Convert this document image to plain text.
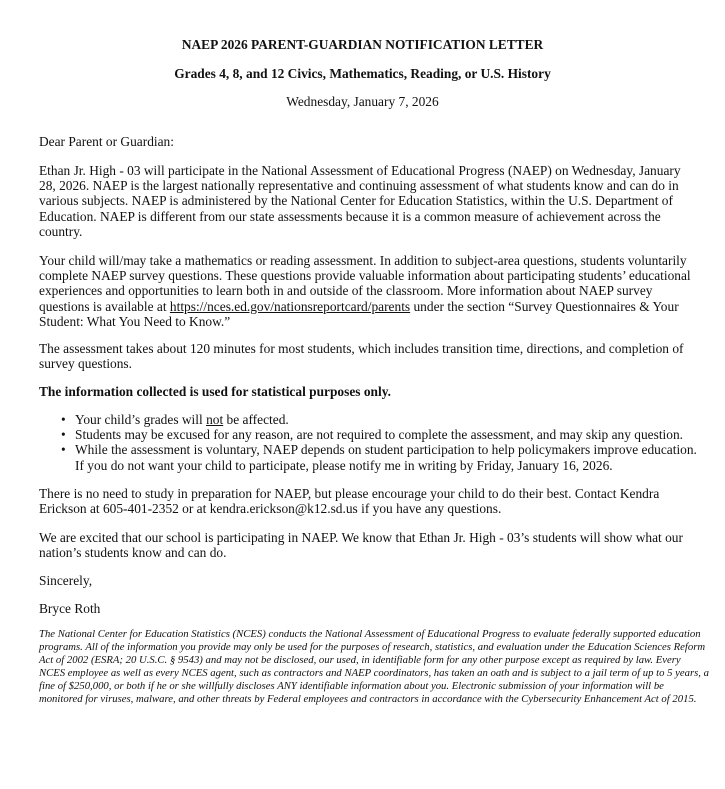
NAEP 2026 PARENT-GUARDIAN NOTIFICATION LETTER
Grades 4, 8, and 12 Civics, Mathematics, Reading, or U.S. History
Wednesday, January 7, 2026
Dear Parent or Guardian:
Ethan Jr. High - 03 will participate in the National Assessment of Educational Progress (NAEP) on Wednesday, January 28, 2026. NAEP is the largest nationally representative and continuing assessment of what students know and can do in various subjects. NAEP is administered by the National Center for Education Statistics, within the U.S. Department of Education. NAEP is different from our state assessments because it is a common measure of achievement across the country.
Your child will/may take a mathematics or reading assessment. In addition to subject-area questions, students voluntarily complete NAEP survey questions. These questions provide valuable information about participating students’ educational experiences and opportunities to learn both in and outside of the classroom. More information about NAEP survey questions is available at https://nces.ed.gov/nationsreportcard/parents under the section “Survey Questionnaires & Your Student: What You Need to Know.”
The assessment takes about 120 minutes for most students, which includes transition time, directions, and completion of survey questions.
The information collected is used for statistical purposes only.
• Your child’s grades will not be affected.
• Students may be excused for any reason, are not required to complete the assessment, and may skip any question.
• While the assessment is voluntary, NAEP depends on student participation to help policymakers improve education. If you do not want your child to participate, please notify me in writing by Friday, January 16, 2026.
There is no need to study in preparation for NAEP, but please encourage your child to do their best. Contact Kendra Erickson at 605-401-2352 or at kendra.erickson@k12.sd.us if you have any questions.
We are excited that our school is participating in NAEP. We know that Ethan Jr. High - 03’s students will show what our nation’s students know and can do.
Sincerely,
Bryce Roth
The National Center for Education Statistics (NCES) conducts the National Assessment of Educational Progress to evaluate federally supported education programs. All of the information you provide may only be used for the purposes of research, statistics, and evaluation under the Education Sciences Reform Act of 2002 (ESRA; 20 U.S.C. § 9543) and may not be disclosed, our used, in identifiable form for any other purpose except as required by law. Every NCES employee as well as every NCES agent, such as contractors and NAEP coordinators, has taken an oath and is subject to a jail term of up to 5 years, a fine of $250,000, or both if he or she willfully discloses ANY identifiable information about you. Electronic submission of your information will be monitored for viruses, malware, and other threats by Federal employees and contractors in accordance with the Cybersecurity Enhancement Act of 2015.
